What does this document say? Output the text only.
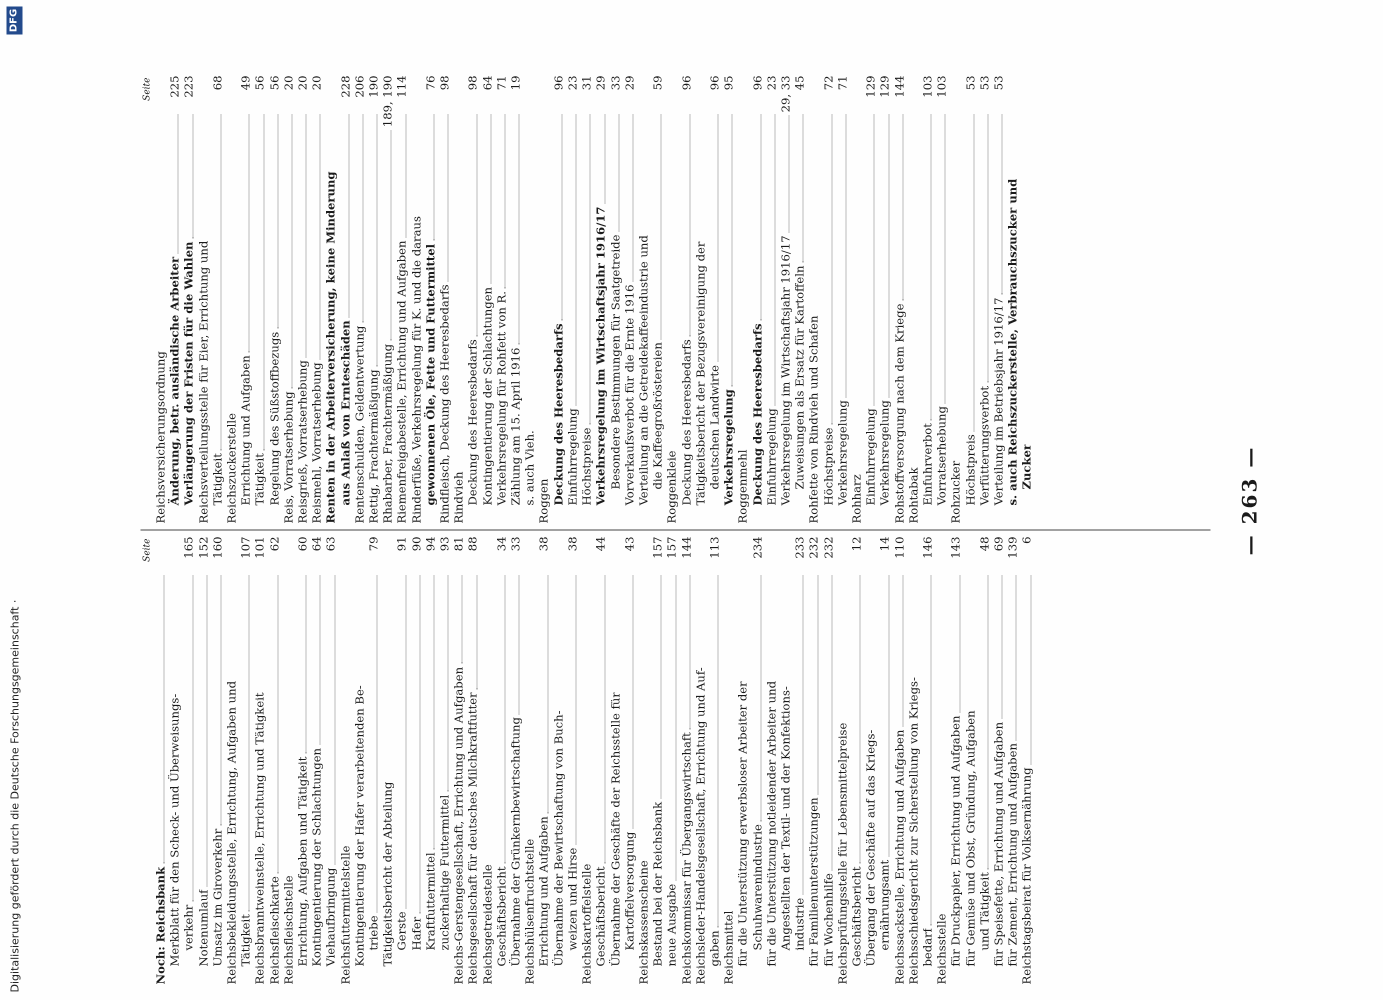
Digitalisierung gefördert durch die Deutsche Forschungsgemeinschaft ·
DFG
Seite
Noch: Reichsbank Merkblatt für den Scheck- und Überweisungs- verkehr
165
Notenumlauf
152
Umsatz im Giroverkehr
160
Reichsbekleidungsstelle, Errichtung, Aufgaben und Tätigkeit
107
Reichsbranntweinstelle, Errichtung und Tätigkeit
101
Reichsfleischkarte
62
Reichsfleischstelle Errichtung, Aufgaben und Tätigkeit
60
Kontingentierung der Schlachtungen
64
Viehaufbringung
63
Reichsfuttermittelstelle Kontingentierung der Hafer verarbeitenden Be- triebe
79
Tätigkeitsbericht der Abteilung Gerste
91
Hafer
90
Kraftfuttermittel
94
zuckerhaltige Futtermittel
93
Reichs-Gerstengesellschaft, Errichtung und Aufgaben
81
Reichsgesellschaft für deutsches Milchkraftfutter
88
Reichsgetreidestelle Geschäftsbericht
34
Übernahme der Grünkernbewirtschaftung
33
Reichshülsenfruchtstelle Errichtung und Aufgaben
38
Übernahme der Bewirtschaftung von Buch- weizen und Hirse
38
Reichskartoffelstelle Geschäftsbericht
44
Übernahme der Geschäfte der Reichsstelle für Kartoffelversorgung
43
Reichskassenscheine Bestand bei der Reichsbank
157
neue Ausgabe
157
Reichskommissar für Übergangswirtschaft
144
Reichsleder-Handelsgesellschaft, Errichtung und Auf- gaben
113
Reichsmittel für die Unterstützung erwerbsloser Arbeiter der Schuhwarenindustrie
234
für die Unterstützung notleidender Arbeiter und Angestellten der Textil- und der Konfektions- industrie
233
für Familienunterstützungen
232
für Wochenhilfe
232
Reichsprüfungsstelle für Lebensmittelpreise Geschäftsbericht
12
Übergang der Geschäfte auf das Kriegs- ernährungsamt
14
Reichssackstelle, Errichtung und Aufgaben
110
Reichsschiedsgericht zur Sicherstellung von Kriegs- bedarf
146
Reichsstelle für Druckpapier, Errichtung und Aufgaben
143
für Gemüse und Obst, Gründung, Aufgaben und Tätigkeit
48
für Speisefette, Errichtung und Aufgaben
69
für Zement, Errichtung und Aufgaben
139
Reichstagsbeirat für Volksernährung
6
Seite
Reichsversicherungsordnung Änderung, betr. ausländische Arbeiter
225
Verlängerung der Fristen für die Wahlen
223
Reichsverteilungsstelle für Eier, Errichtung und Tätigkeit
68
Reichszuckerstelle Errichtung und Aufgaben
49
Tätigkeit
56
Regelung des Süßstoffbezugs
56
Reis, Vorratserhebung
20
Reisgrieß, Vorratserhebung
20
Reismehl, Vorratserhebung
20
Renten in der Arbeiterversicherung, keine Minderung aus Anlaß von Ernteschäden
228
Rentenschulden, Geldentwertung
206
Rettig, Frachtermäßigung
190
Rhabarber, Frachtermäßigung
189, 190
Riemenfreigabestelle, Errichtung und Aufgaben
114
Rinderfüße, Verkehrsregelung für K. und die daraus gewonnenen Öle, Fette und Futtermittel
76
Rindfleisch, Deckung des Heeresbedarfs
98
Rindvieh Deckung des Heeresbedarfs
98
Kontingentierung der Schlachtungen
64
Verkehrsregelung für Rohfett von R.
71
Zählung am 15. April 1916
19
s. auch Vieh. Roggen Deckung des Heeresbedarfs
96
Einfuhrregelung
23
Höchstpreise
31
Verkehrsregelung im Wirtschaftsjahr 1916/17
29
Besondere Bestimmungen für Saatgetreide
33
Vorverkaufsverbot für die Ernte 1916
29
Verteilung an die Getreidekaffeeindustrie und die Kaffeegroßröstereien
59
Roggenkleie Deckung des Heeresbedarfs
96
Tätigkeitsbericht der Bezugsvereinigung der deutschen Landwirte
96
Verkehrsregelung
95
Roggenmehl Deckung des Heeresbedarfs
96
Einfuhrregelung
23
Verkehrsregelung im Wirtschaftsjahr 1916/17
29, 33
Zuweisungen als Ersatz für Kartoffeln
45
Rohfette von Rindvieh und Schafen Höchstpreise
72
Verkehrsregelung
71
Rohharz Einfuhrregelung
129
Verkehrsregelung
129
Rohstoffversorgung nach dem Kriege
144
Rohtabak Einfuhrverbot
103
Vorratserhebung
103
Rohzucker Höchstpreis
53
Verfütterungsverbot
53
Verteilung im Betriebsjahr 1916/17
53
s. auch Reichszuckerstelle, Verbrauchszucker und Zucker
— 263 —
